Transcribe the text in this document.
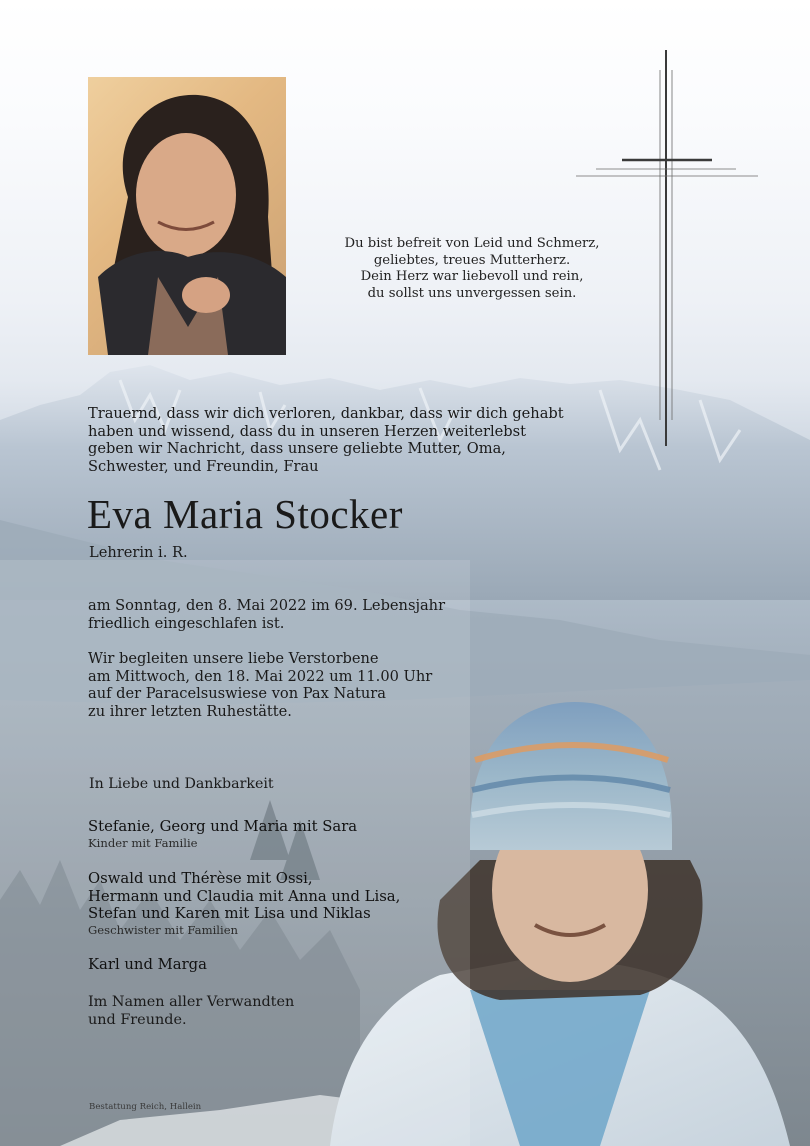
Du bist befreit von Leid und Schmerz,
geliebtes, treues Mutterherz.
Dein Herz war liebevoll und rein,
du sollst uns unvergessen sein.
Trauernd, dass wir dich verloren, dankbar, dass wir dich gehabt
haben und wissend, dass du in unseren Herzen weiterlebst
geben wir Nachricht, dass unsere geliebte Mutter, Oma,
Schwester, und Freundin, Frau
Eva Maria Stocker
Lehrerin i. R.
am Sonntag, den 8. Mai 2022 im 69. Lebensjahr
friedlich eingeschlafen ist.
Wir begleiten unsere liebe Verstorbene
am Mittwoch, den 18. Mai 2022 um 11.00 Uhr
auf der Paracelsuswiese von Pax Natura
zu ihrer letzten Ruhestätte.
In Liebe und Dankbarkeit
Stefanie, Georg und Maria mit Sara
Kinder mit Familie
Oswald und Thérèse mit Ossi,
Hermann und Claudia mit Anna und Lisa,
Stefan und Karen mit Lisa und Niklas
Geschwister mit Familien
Karl und Marga
Im Namen aller Verwandten
und Freunde.
Bestattung Reich, Hallein
